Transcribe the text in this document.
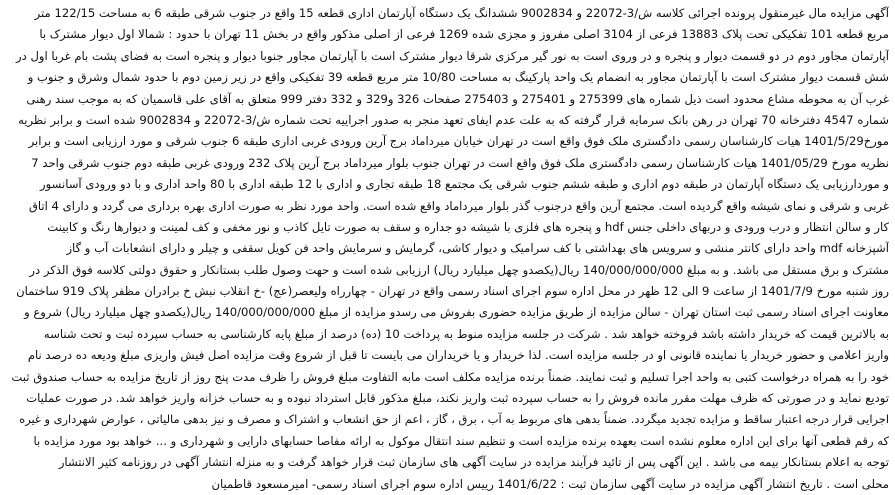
آگهی مزایده مال غیرمنقول پرونده اجرائی کلاسه ش/3-22072 و 9002834 ششدانگ یک دستگاه آپارتمان اداری قطعه 15 واقع در جنوب شرقی طبقه 6 به مساحت 122/15 متر
مربع قطعه 101 تفکیکی تحت پلاک 13883 فرعی از 3104 اصلی مفروز و مجزی شده 1269 فرعی از اصلی مذکور واقع در بخش 11 تهران با حدود : شمالا اول دیوار مشترک با
آپارتمان مجاور دوم در دو قسمت دیوار و پنجره و در وروی است به نور گیر مرکزی شرقا دیوار مشترک است با آپارتمان مجاور جنوبا دیوار و پنجره است به فضای پشت بام غربا اول در
شش قسمت دیوار مشترک است با آپارتمان مجاور به انضمام یک واحد پارکینگ به مساحت 10/80 متر مربع قطعه 39 تفکیکی واقع در زیر زمین دوم با حدود شمال وشرق و جنوب و
غرب آن به محوطه مشاع محدود است ذیل شماره های 275399 و 275401 و 275403 صفحات 326 و329 و 332 دفتر 999 متعلق به آقای علی قاسمیان که به موجب سند رهنی
شماره 4547 دفترخانه 70 تهران در رهن بانک سرمایه قرار گرفته که به علت عدم ایفای تعهد منجر به صدور اجراییه تحت شماره ش/3-22072 و 9002834 شده است و برابر نظریه
مورخ1401/5/29 هیات کارشناسان رسمی دادگستری ملک فوق واقع است در تهران خیابان میرداماد برج آرین ورودی غربی اداری طبقه 6 جنوب شرقی و مورد ارزیابی است و برابر
نظریه مورخ 1401/05/29 هیات کارشناسان رسمی دادگستری ملک فوق واقع است در تهران جنوب بلوار میرداماد برج آرین پلاک 232 ورودی غربی طبقه دوم جنوب شرقی واحد 7
و موردارزیابی یک دستگاه آپارتمان در طبقه دوم اداری و طبقه ششم جنوب شرقی یک مجتمع 18 طبقه تجاری و اداری با 12 طبقه اداری با 80 واحد اداری و با دو ورودی آسانسور
غربی و شرقی و نمای شیشه واقع گردیده است. مجتمع آرین واقع درجنوب گذر بلوار میرداماد واقع شده است. واحد مورد نظر به صورت اداری بهره برداری می گردد و دارای 4 اتاق
کار و سالن انتظار و درب ورودی و دربهای داخلی جنس hdf و پنجره های فلزی با شیشه دو جداره و سقف به صورت تایل کاذب و نور مخفی و کف لمینت و دیوارها رنگ و کابینت
آشپزخانه mdf واحد دارای کانتر منشی و سرویس های بهداشتی با کف سرامیک و دیوار کاشی، گرمایش و سرمایش واحد فن کویل سقفی و چیلر و دارای انشعابات آب و گاز
مشترک و برق مستقل می باشد. و به مبلغ 140/000/000/000 ریال(یکصدو چهل میلیارد ریال) ارزیابی شده است و حهت وصول طلب بستانکار و حقوق دولتی کلاسه فوق الذکر در
روز شنبه مورخ 1401/7/9 از ساعت 9 الی 12 ظهر در محل اداره سوم اجرای اسناد رسمی واقع در تهران - چهارراه ولیعصر(عج) -خ انقلاب نبش خ برادران مظفر پلاک 919 ساختمان
معاونت اجرای اسناد رسمی ثبت استان تهران - سالن مزایده از طریق مزایده حضوری بفروش می رسدو مزایده از مبلغ 140/000/000/000 ریال(یکصدو چهل میلیارد ریال) شروع و
به بالاترین قیمت که خریدار داشته باشد فروخته خواهد شد . شرکت در جلسه مزایده منوط به پرداخت 10 (ده) درصد از مبلغ پایه کارشناسی به حساب سپرده ثبت و تحت شناسه
واریز اعلامی و حضور خریدار یا نماینده قانونی او در جلسه مزایده است. لذا خریدار و یا خریداران می بایست تا قبل از شروع وقت مزایده اصل فیش واریزی مبلغ ودیعه ده درصد نام
خود را به همراه درخواست کتبی به واحد اجرا تسلیم و ثبت نمایند. ضمناً برنده مزایده مکلف است مابه التفاوت مبلغ فروش را ظرف مدت پنج روز از تاریخ مزایده به حساب صندوق ثبت
تودیع نماید و در صورتی که ظرف مهلت مقرر مانده فروش را به حساب سپرده ثبت واریز نکند، مبلغ مذکور قابل استرداد نبوده و به حساب خزانه واریز خواهد شد. در صورت عملیات
اجرایی قرار درجه اعتبار ساقط و مزایده تجدید میگردد. ضمناً بدهی های مربوط به آب ، برق ، گاز ، اعم از حق انشعاب و اشتراک و مصرف و نیز بدهی مالیاتی ، عوارض شهرداری و غیره
که رقم قطعی آنها برای این اداره معلوم نشده است بعهده برنده مزایده است و تنظیم سند انتقال موکول به ارائه مفاصا حسابهای دارایی و شهرداری و ... خواهد بود مورد مزایده با
توجه به اعلام بستانکار بیمه می باشد . این آگهی پس از تائید فرآیند مزایده در سایت آگهی های سازمان ثبت قرار خواهد گرفت و به منزله انتشار آگهی در روزنامه کثیر الانتشار
محلی است . تاریخ انتشار آگهی مزایده در سایت آگهی سازمان ثبت : 1401/6/22 رییس اداره سوم اجرای اسناد رسمی- امیرمسعود قاطمیان
